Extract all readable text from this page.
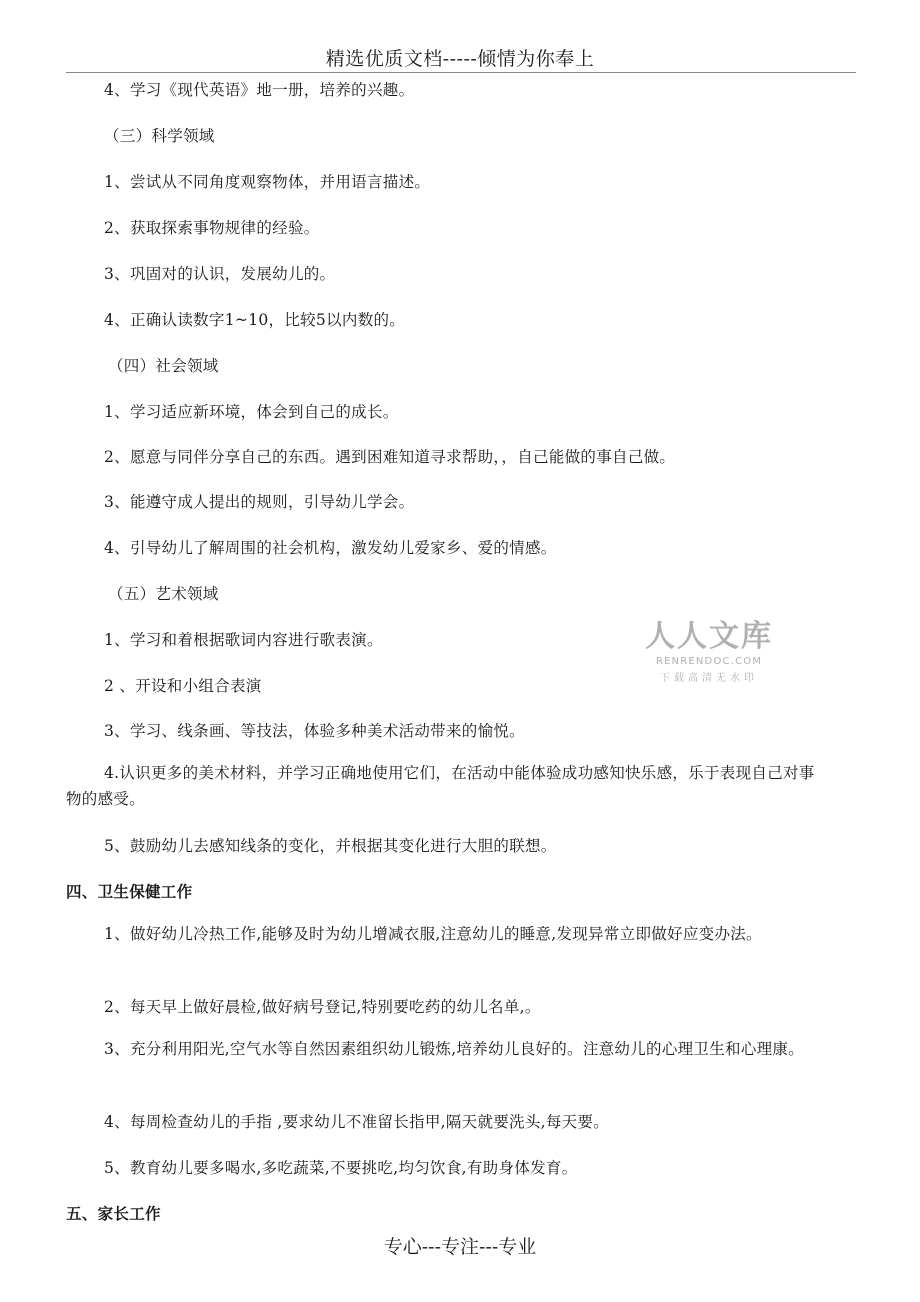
精选优质文档-----倾情为你奉上
4、学习《现代英语》地一册，培养的兴趣。
（三）科学领域
1、尝试从不同角度观察物体，并用语言描述。
2、获取探索事物规律的经验。
3、巩固对的认识，发展幼儿的。
4、正确认读数字1~10，比较5以内数的。
（四）社会领域
1、学习适应新环境，体会到自己的成长。
2、愿意与同伴分享自己的东西。遇到困难知道寻求帮助，，自己能做的事自己做。
3、能遵守成人提出的规则，引导幼儿学会。
4、引导幼儿了解周围的社会机构，激发幼儿爱家乡、爱的情感。
（五）艺术领域
1、学习和着根据歌词内容进行歌表演。
2 、开设和小组合表演
3、学习、线条画、等技法，体验多种美术活动带来的愉悦。
4.认识更多的美术材料，并学习正确地使用它们，在活动中能体验成功感知快乐感，乐于表现自己对事物的感受。
5、鼓励幼儿去感知线条的变化，并根据其变化进行大胆的联想。
四、卫生保健工作
1、做好幼儿冷热工作,能够及时为幼儿增减衣服,注意幼儿的睡意,发现异常立即做好应变办法。
2、每天早上做好晨检,做好病号登记,特别要吃药的幼儿名单,。
3、充分利用阳光,空气水等自然因素组织幼儿锻炼,培养幼儿良好的。注意幼儿的心理卫生和心理康。
4、每周检查幼儿的手指 ,要求幼儿不准留长指甲,隔天就要洗头,每天要。
5、教育幼儿要多喝水,多吃蔬菜,不要挑吃,均匀饮食,有助身体发育。
五、家长工作
人人文库
RENRENDOC.COM
下载高清无水印
专心---专注---专业
